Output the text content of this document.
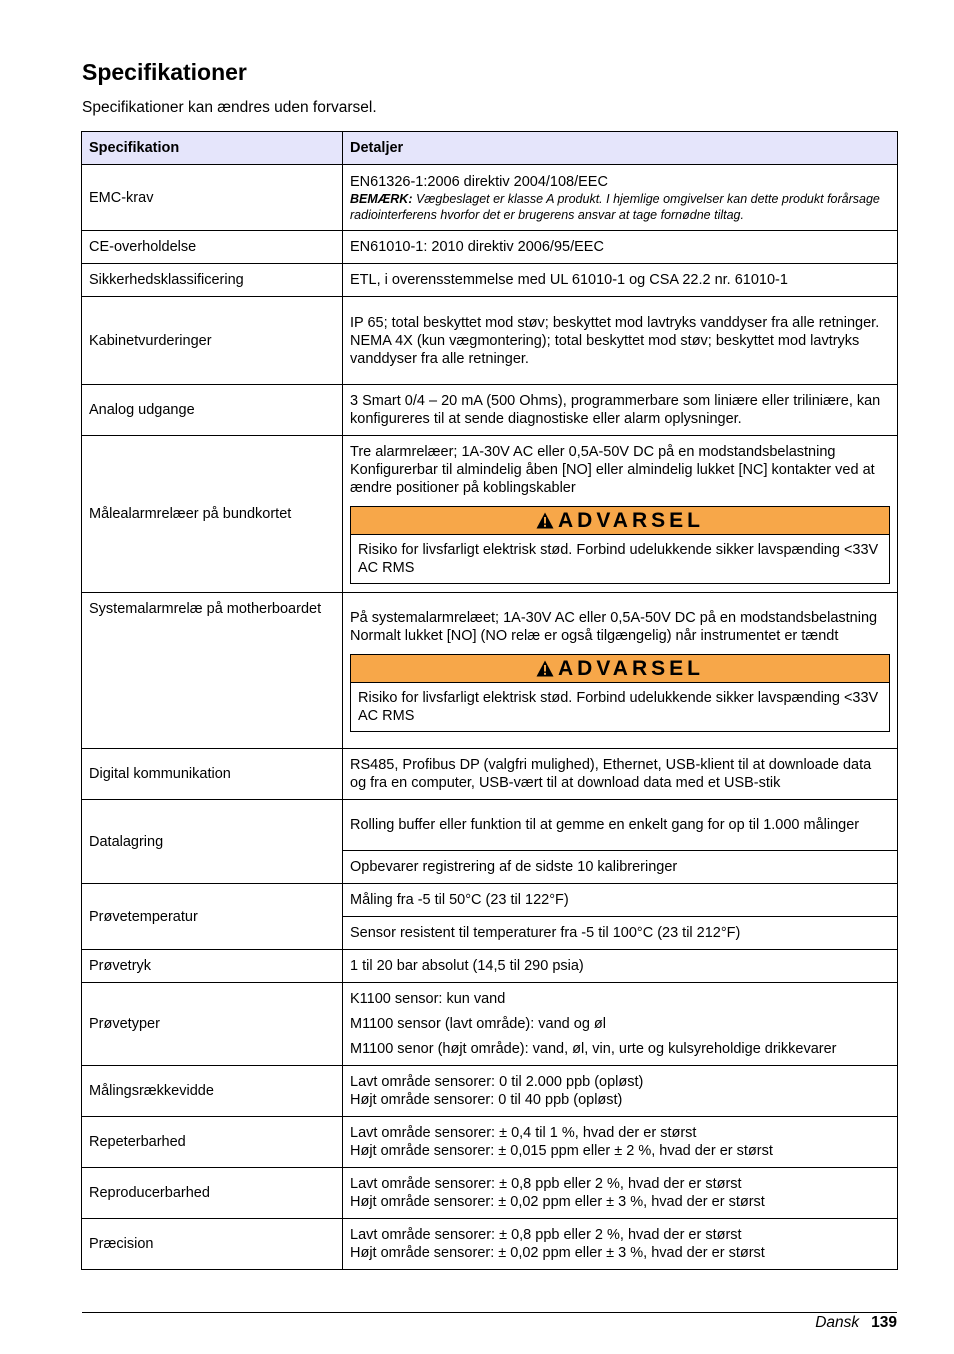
Specifikationer

Specifikationer kan ændres uden forvarsel.

Specifikation	Detaljer
EMC-krav	EN61326-1:2006 direktiv 2004/108/EEC
BEMÆRK: Vægbeslaget er klasse A produkt. I hjemlige omgivelser kan dette produkt forårsage radiointerferens hvorfor det er brugerens ansvar at tage fornødne tiltag.

CE-overholdelse	EN61010-1: 2010 direktiv 2006/95/EEC
Sikkerhedsklassificering	ETL, i overensstemmelse med UL 61010-1 og CSA 22.2 nr. 61010-1
Kabinetvurderinger	IP 65; total beskyttet mod støv; beskyttet mod lavtryks vanddyser fra alle retninger.
NEMA 4X (kun vægmontering); total beskyttet mod støv; beskyttet mod lavtryks vanddyser fra alle retninger.

Analog udgange	3 Smart 0/4 – 20 mA (500 Ohms), programmerbare som liniære eller triliniære, kan konfigureres til at sende diagnostiske eller alarm oplysninger.
Målealarmrelæer på bundkortet	Tre alarmrelæer; 1A-30V AC eller 0,5A-50V DC på en modstandsbelastning
Konfigurerbar til almindelig åben [NO] eller almindelig lukket [NC] kontakter ved at ændre positioner på koblingskabler
ADVARSEL
Risiko for livsfarligt elektrisk stød. Forbind udelukkende sikker lavspænding <33V AC RMS

Systemalarmrelæ på motherboardet	På systemalarmrelæet; 1A-30V AC eller 0,5A-50V DC på en modstandsbelastning
Normalt lukket [NO] (NO relæ er også tilgængelig) når instrumentet er tændt
ADVARSEL
Risiko for livsfarligt elektrisk stød. Forbind udelukkende sikker lavspænding <33V AC RMS

Digital kommunikation	RS485, Profibus DP (valgfri mulighed), Ethernet, USB-klient til at downloade data og fra en computer, USB-vært til at download data med et USB-stik
Datalagring	Rolling buffer eller funktion til at gemme en enkelt gang for op til 1.000 målinger
	Opbevarer registrering af de sidste 10 kalibreringer
Prøvetemperatur	Måling fra -5 til 50°C (23 til 122°F)
	Sensor resistent til temperaturer fra -5 til 100°C (23 til 212°F)
Prøvetryk	1 til 20 bar absolut (14,5 til 290 psia)
Prøvetyper	K1100 sensor: kun vand
M1100 sensor (lavt område): vand og øl
M1100 senor (højt område): vand, øl, vin, urte og kulsyreholdige drikkevarer

Målingsrækkevidde	Lavt område sensorer: 0 til 2.000 ppb (opløst)
Højt område sensorer: 0 til 40 ppb (opløst)

Repeterbarhed	Lavt område sensorer: ± 0,4 til 1 %, hvad der er størst
Højt område sensorer: ± 0,015 ppm eller ± 2 %, hvad der er størst

Reproducerbarhed	Lavt område sensorer: ± 0,8 ppb eller 2 %, hvad der er størst
Højt område sensorer: ± 0,02 ppm eller ± 3 %, hvad der er størst

Præcision	Lavt område sensorer: ± 0,8 ppb eller 2 %, hvad der er størst
Højt område sensorer: ± 0,02 ppm eller ± 3 %, hvad der er størst
Dansk 139
